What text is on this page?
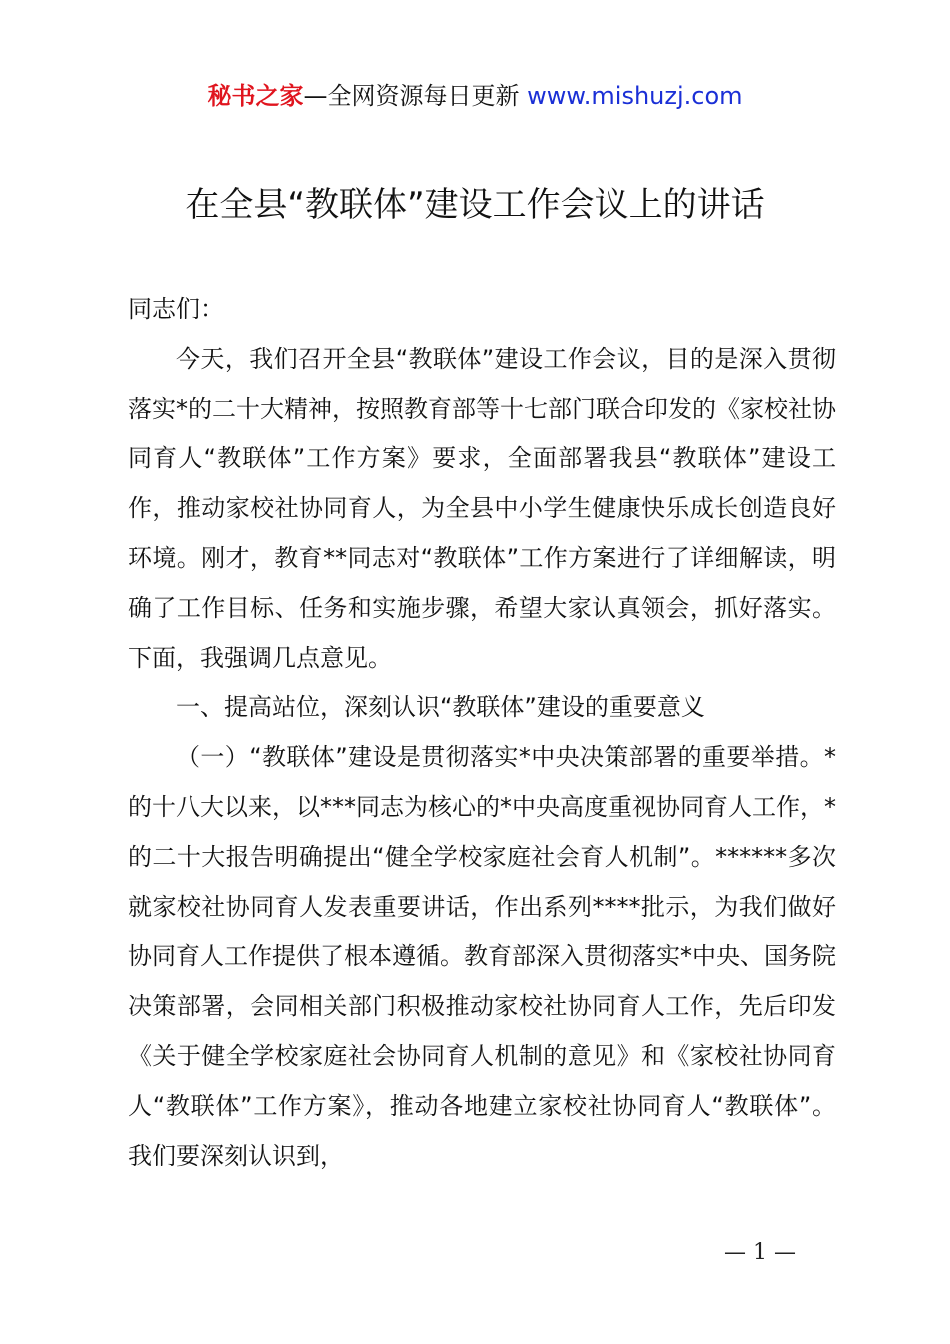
秘书之家—全网资源每日更新 www.mishuzj.com
在全县“教联体”建设工作会议上的讲话

同志们：

今天，我们召开全县“教联体”建设工作会议，目的是深入贯彻落实*的二十大精神，按照教育部等十七部门联合印发的《家校社协同育人“教联体”工作方案》要求，全面部署我县“教联体”建设工作，推动家校社协同育人，为全县中小学生健康快乐成长创造良好环境。刚才，教育**同志对“教联体”工作方案进行了详细解读，明确了工作目标、任务和实施步骤，希望大家认真领会，抓好落实。下面，我强调几点意见。

一、提高站位，深刻认识“教联体”建设的重要意义

（一）“教联体”建设是贯彻落实*中央决策部署的重要举措。*的十八大以来，以***同志为核心的*中央高度重视协同育人工作，*的二十大报告明确提出“健全学校家庭社会育人机制”。******多次就家校社协同育人发表重要讲话，作出系列****批示，为我们做好协同育人工作提供了根本遵循。教育部深入贯彻落实*中央、国务院决策部署，会同相关部门积极推动家校社协同育人工作，先后印发《关于健全学校家庭社会协同育人机制的意见》和《家校社协同育人“教联体”工作方案》，推动各地建立家校社协同育人“教联体”。我们要深刻认识到，

— 1 —
